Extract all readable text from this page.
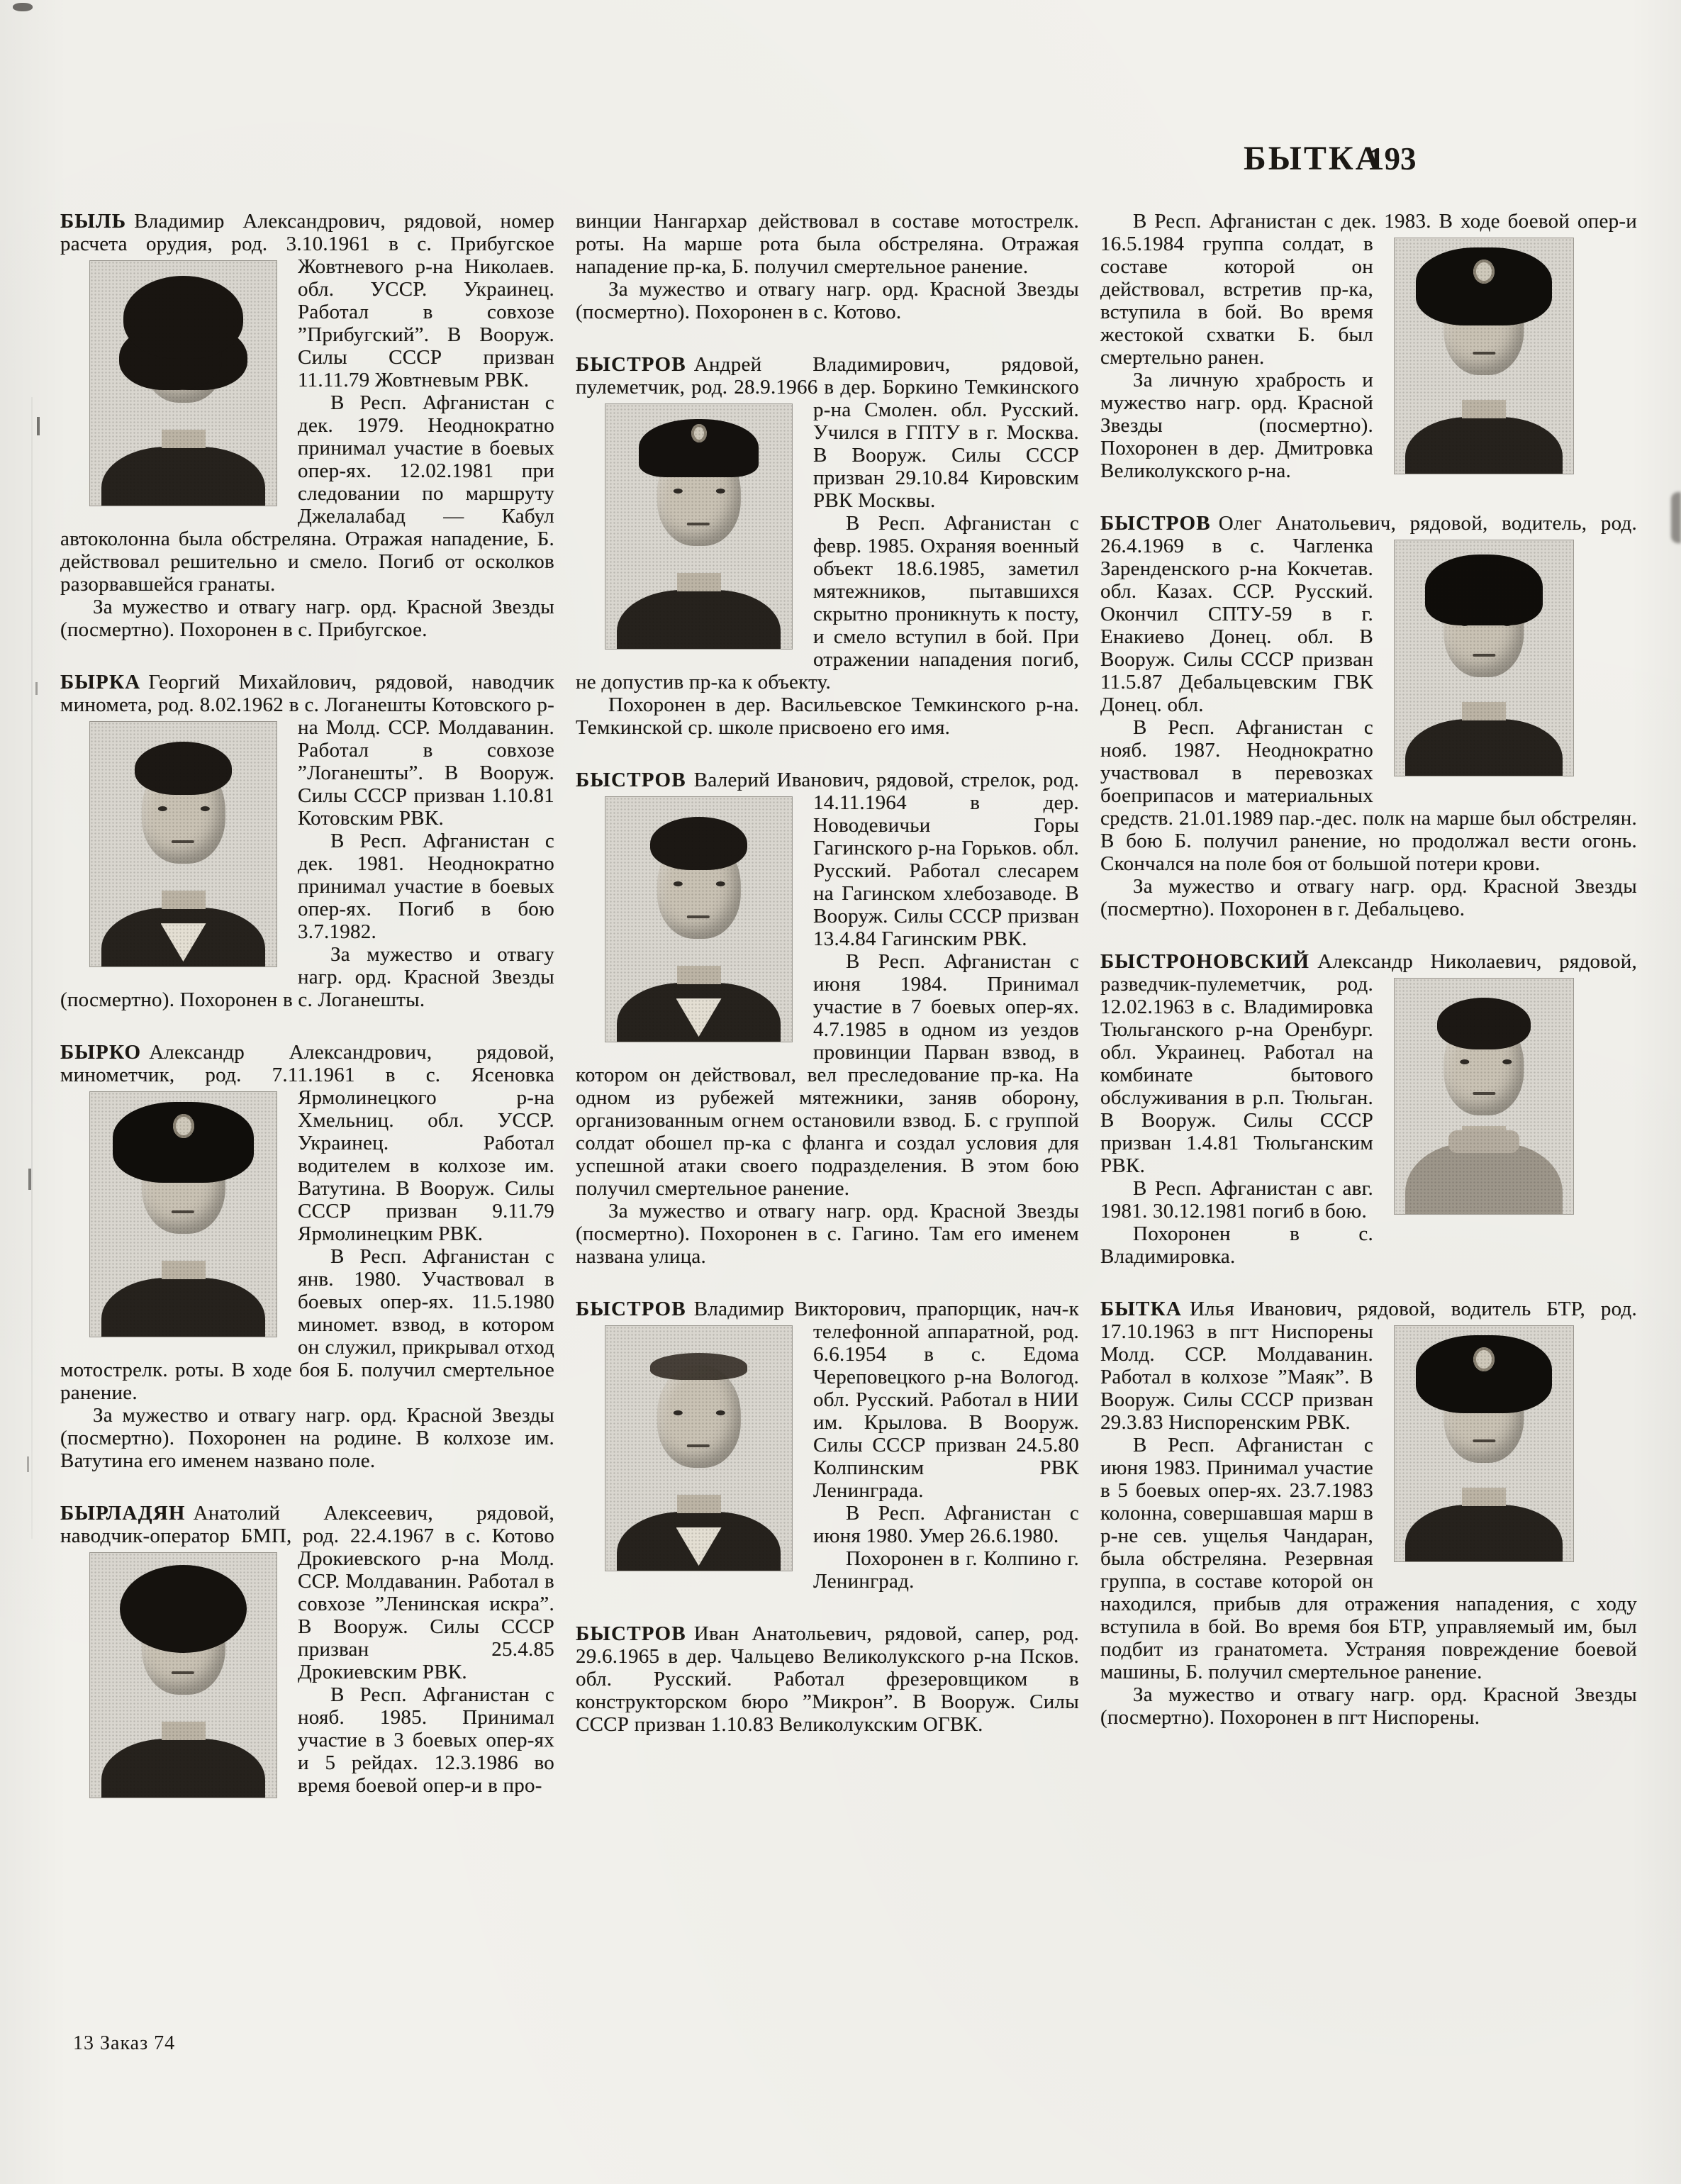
БЫТКА
193

БЫЛЬ Владимир Александрович, рядовой, номер расчета орудия, род. 3.10.1961 в с. Прибугское Жовтневого р-на Николаев. обл. УССР. Украинец. Работал в совхозе ”Прибугский”. В Вооруж. Силы СССР призван 11.11.79 Жовтневым РВК.

В Респ. Афганистан с дек. 1979. Неоднократно принимал участие в боевых опер-ях. 12.02.1981 при следовании по маршруту Джелалабад — Кабул автоколонна была обстреляна. Отражая нападение, Б. действовал решительно и смело. Погиб от осколков разорвавшейся гранаты.

За мужество и отвагу нагр. орд. Красной Звезды (посмертно). Похоронен в с. Прибугское.

БЫРКА Георгий Михайлович, рядовой, наводчик миномета, род. 8.02.1962 в с. Логанешты Котовского р-на Молд. ССР. Молдаванин. Работал в совхозе ”Логанешты”. В Вооруж. Силы СССР призван 1.10.81 Котовским РВК.

В Респ. Афганистан с дек. 1981. Неоднократно принимал участие в боевых опер-ях. Погиб в бою 3.7.1982.

За мужество и отвагу нагр. орд. Красной Звезды (посмертно). Похоронен в с. Логанешты.

БЫРКО Александр Александрович, рядовой, минометчик, род. 7.11.1961 в с. Ясеновка Ярмолинецкого р-на Хмельниц. обл. УССР. Украинец. Работал водителем в колхозе им. Ватутина. В Вооруж. Силы СССР призван 9.11.79 Ярмолинецким РВК.

В Респ. Афганистан с янв. 1980. Участвовал в боевых опер-ях. 11.5.1980 миномет. взвод, в котором он служил, прикрывал отход мотострелк. роты. В ходе боя Б. получил смертельное ранение.

За мужество и отвагу нагр. орд. Красной Звезды (посмертно). Похоронен на родине. В колхозе им. Ватутина его именем названо поле.

БЫРЛАДЯН Анатолий Алексеевич, рядовой, наводчик-оператор БМП, род. 22.4.1967 в с. Котово Дрокиевского р-на Молд. ССР. Молдаванин. Работал в совхозе ”Ленинская искра”. В Вооруж. Силы СССР призван 25.4.85 Дрокиевским РВК.

В Респ. Афганистан с нояб. 1985. Принимал участие в 3 боевых опер-ях и 5 рейдах. 12.3.1986 во время боевой опер-и в про-

винции Нангархар действовал в составе мотострелк. роты. На марше рота была обстреляна. Отражая нападение пр-ка, Б. получил смертельное ранение.

За мужество и отвагу нагр. орд. Красной Звезды (посмертно). Похоронен в с. Котово.

БЫСТРОВ Андрей Владимирович, рядовой, пулеметчик, род. 28.9.1966 в дер. Боркино Темкинского р-на Смолен. обл. Русский. Учился в ГПТУ в г. Москва. В Вооруж. Силы СССР призван 29.10.84 Кировским РВК Москвы.

В Респ. Афганистан с февр. 1985. Охраняя военный объект 18.6.1985, заметил мятежников, пытавшихся скрытно проникнуть к посту, и смело вступил в бой. При отражении нападения погиб, не допустив пр-ка к объекту.

Похоронен в дер. Васильевское Темкинского р-на. Темкинской ср. школе присвоено его имя.

БЫСТРОВ Валерий Иванович, рядовой, стрелок, род. 14.11.1964 в дер.
Новодевичьи Горы Гагинского р-на Горьков. обл. Русский. Работал слесарем на Гагинском хлебозаводе. В Вооруж. Силы СССР призван 13.4.84 Гагинским РВК.

В Респ. Афганистан с июня 1984. Принимал участие в 7 боевых опер-ях. 4.7.1985 в одном из уездов провинции Парван взвод, в котором он действовал, вел преследование пр-ка. На одном из рубежей мятежники, заняв оборону, организованным огнем остановили взвод. Б. с группой солдат обошел пр-ка с фланга и создал условия для успешной атаки своего подразделения. В этом бою получил смертельное ранение.

За мужество и отвагу нагр. орд. Красной Звезды (посмертно). Похоронен в с. Гагино. Там его именем названа улица.

БЫСТРОВ Владимир Викторович, прапорщик, нач-к телефонной аппаратной, род.
6.6.1954 в с. Едома Череповецкого р-на Вологод. обл. Русский. Работал в НИИ им. Крылова. В Вооруж. Силы СССР призван 24.5.80 Колпинским РВК Ленинграда.

В Респ. Афганистан с июня 1980. Умер 26.6.1980.

Похоронен в г. Колпино г. Ленинград.

БЫСТРОВ Иван Анатольевич, рядовой, сапер, род. 29.6.1965 в дер. Чальцево Великолукского р-на Псков. обл. Русский. Работал фрезеровщиком в конструкторском бюро ”Микрон”. В Вооруж. Силы СССР призван 1.10.83 Великолукским ОГВК.

В Респ. Афганистан с дек. 1983. В ходе боевой опер-и 16.5.1984 группа солдат, в составе которой он действовал, встретив пр-ка, вступила в бой. Во время жестокой схватки Б. был смертельно ранен.

За личную храбрость и мужество нагр. орд. Красной Звезды (посмертно). Похоронен в дер. Дмитровка Великолукского р-на.

БЫСТРОВ Олег Анатольевич, рядовой, водитель, род. 26.4.1969 в с. Чагленка
Заренденского р-на Кокчетав. обл. Казах. ССР. Русский. Окончил СПТУ-59 в г. Енакиево Донец. обл. В Вооруж. Силы СССР призван 11.5.87 Дебальцевским ГВК Донец. обл.

В Респ. Афганистан с нояб. 1987. Неоднократно участвовал в перевозках боеприпасов и материальных средств. 21.01.1989 пар.-дес. полк на марше был обстрелян. В бою Б. получил ранение, но продолжал вести огонь. Скончался на поле боя от большой потери крови.

За мужество и отвагу нагр. орд. Красной Звезды (посмертно). Похоронен в г. Дебальцево.

БЫСТРОНОВСКИЙ Александр Николаевич, рядовой, разведчик-пулеметчик, род.
12.02.1963 в с. Владимировка Тюльганского р-на Оренбург. обл. Украинец. Работал на комбинате бытового обслуживания в р.п. Тюльган. В Вооруж. Силы СССР призван 1.4.81 Тюльганским РВК.

В Респ. Афганистан с авг. 1981. 30.12.1981 погиб в бою.

Похоронен в с. Владимировка.

БЫТКА Илья Иванович, рядовой, водитель БТР, род. 17.10.1963 в пгт Ниспорены
Молд. ССР. Молдаванин. Работал в колхозе ”Маяк”. В Вооруж. Силы СССР призван 29.3.83 Ниспоренским РВК.

В Респ. Афганистан с июня 1983. Принимал участие в 5 боевых опер-ях. 23.7.1983 колонна, совершавшая марш в р-не сев. ущелья Чандаран, была обстреляна. Резервная группа, в составе которой он находился, прибыв для отражения нападения, с ходу вступила в бой. Во время боя БТР, управляемый им, был подбит из гранатомета. Устраняя повреждение боевой машины, Б. получил смертельное ранение.

За мужество и отвагу нагр. орд. Красной Звезды (посмертно). Похоронен в пгт Ниспорены.

13 Заказ 74
